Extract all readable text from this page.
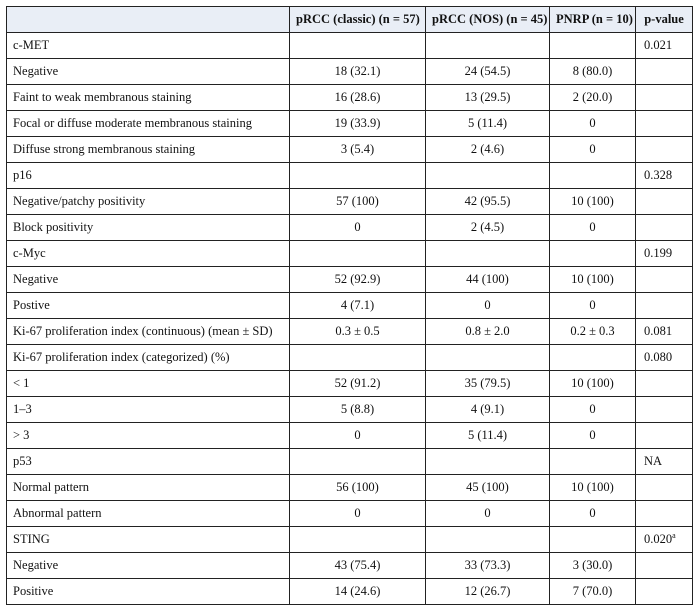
	pRCC (classic) (n = 57)	pRCC (NOS) (n = 45)	PNRP (n = 10)	p-value
c-MET				0.021
Negative	18 (32.1)	24 (54.5)	8 (80.0)	
Faint to weak membranous staining	16 (28.6)	13 (29.5)	2 (20.0)	
Focal or diffuse moderate membranous staining	19 (33.9)	5 (11.4)	0	
Diffuse strong membranous staining	3 (5.4)	2 (4.6)	0	
p16				0.328
Negative/patchy positivity	57 (100)	42 (95.5)	10 (100)	
Block positivity	0	2 (4.5)	0	
c-Myc				0.199
Negative	52 (92.9)	44 (100)	10 (100)	
Postive	4 (7.1)	0	0	
Ki-67 proliferation index (continuous) (mean ± SD)	0.3 ± 0.5	0.8 ± 2.0	0.2 ± 0.3	0.081
Ki-67 proliferation index (categorized) (%)				0.080
< 1	52 (91.2)	35 (79.5)	10 (100)	
1–3	5 (8.8)	4 (9.1)	0	
> 3	0	5 (11.4)	0	
p53				NA
Normal pattern	56 (100)	45 (100)	10 (100)	
Abnormal pattern	0	0	0	
STING				0.020$^a$
Negative	43 (75.4)	33 (73.3)	3 (30.0)	
Positive	14 (24.6)	12 (26.7)	7 (70.0)	
